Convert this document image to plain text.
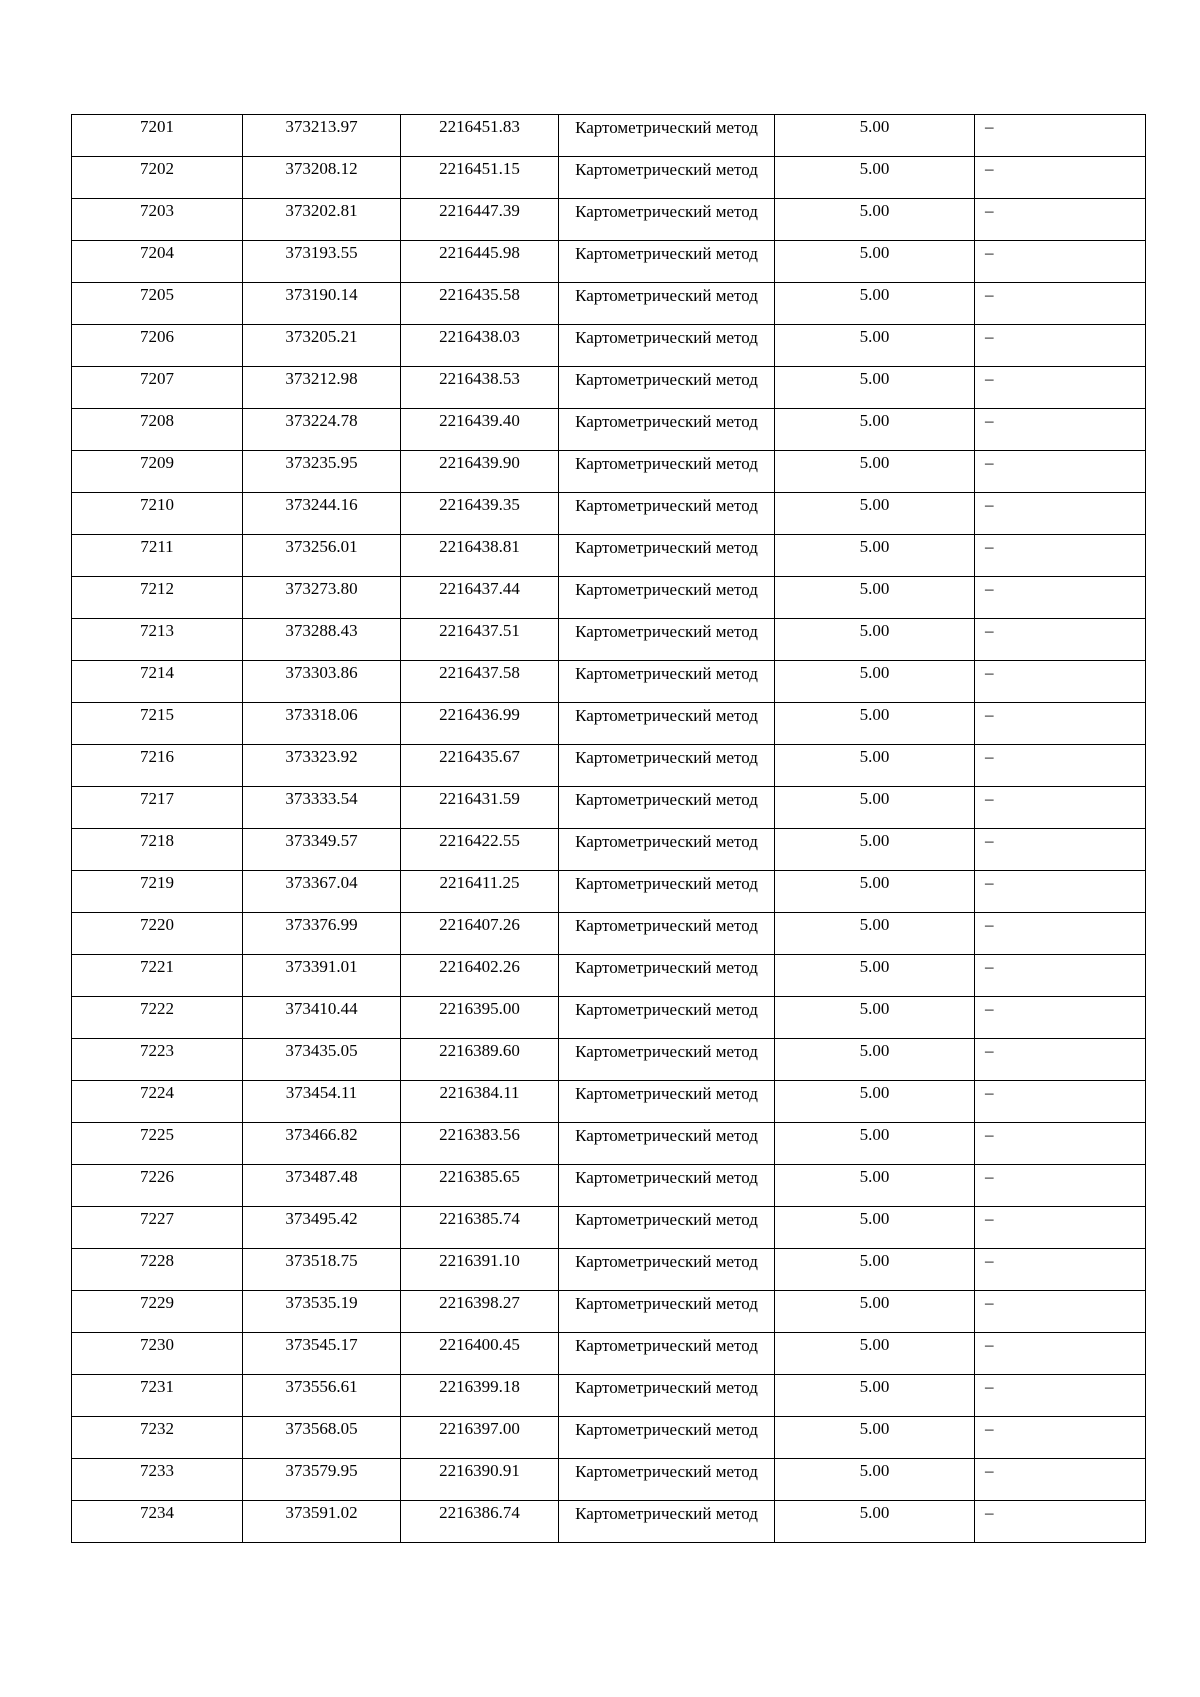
7201	373213.97	2216451.83	Картометрический метод	5.00	–

7202	373208.12	2216451.15	Картометрический метод	5.00	–

7203	373202.81	2216447.39	Картометрический метод	5.00	–

7204	373193.55	2216445.98	Картометрический метод	5.00	–

7205	373190.14	2216435.58	Картометрический метод	5.00	–

7206	373205.21	2216438.03	Картометрический метод	5.00	–

7207	373212.98	2216438.53	Картометрический метод	5.00	–

7208	373224.78	2216439.40	Картометрический метод	5.00	–

7209	373235.95	2216439.90	Картометрический метод	5.00	–

7210	373244.16	2216439.35	Картометрический метод	5.00	–

7211	373256.01	2216438.81	Картометрический метод	5.00	–

7212	373273.80	2216437.44	Картометрический метод	5.00	–

7213	373288.43	2216437.51	Картометрический метод	5.00	–

7214	373303.86	2216437.58	Картометрический метод	5.00	–

7215	373318.06	2216436.99	Картометрический метод	5.00	–

7216	373323.92	2216435.67	Картометрический метод	5.00	–

7217	373333.54	2216431.59	Картометрический метод	5.00	–

7218	373349.57	2216422.55	Картометрический метод	5.00	–

7219	373367.04	2216411.25	Картометрический метод	5.00	–

7220	373376.99	2216407.26	Картометрический метод	5.00	–

7221	373391.01	2216402.26	Картометрический метод	5.00	–

7222	373410.44	2216395.00	Картометрический метод	5.00	–

7223	373435.05	2216389.60	Картометрический метод	5.00	–

7224	373454.11	2216384.11	Картометрический метод	5.00	–

7225	373466.82	2216383.56	Картометрический метод	5.00	–

7226	373487.48	2216385.65	Картометрический метод	5.00	–

7227	373495.42	2216385.74	Картометрический метод	5.00	–

7228	373518.75	2216391.10	Картометрический метод	5.00	–

7229	373535.19	2216398.27	Картометрический метод	5.00	–

7230	373545.17	2216400.45	Картометрический метод	5.00	–

7231	373556.61	2216399.18	Картометрический метод	5.00	–

7232	373568.05	2216397.00	Картометрический метод	5.00	–

7233	373579.95	2216390.91	Картометрический метод	5.00	–

7234	373591.02	2216386.74	Картометрический метод	5.00	–
